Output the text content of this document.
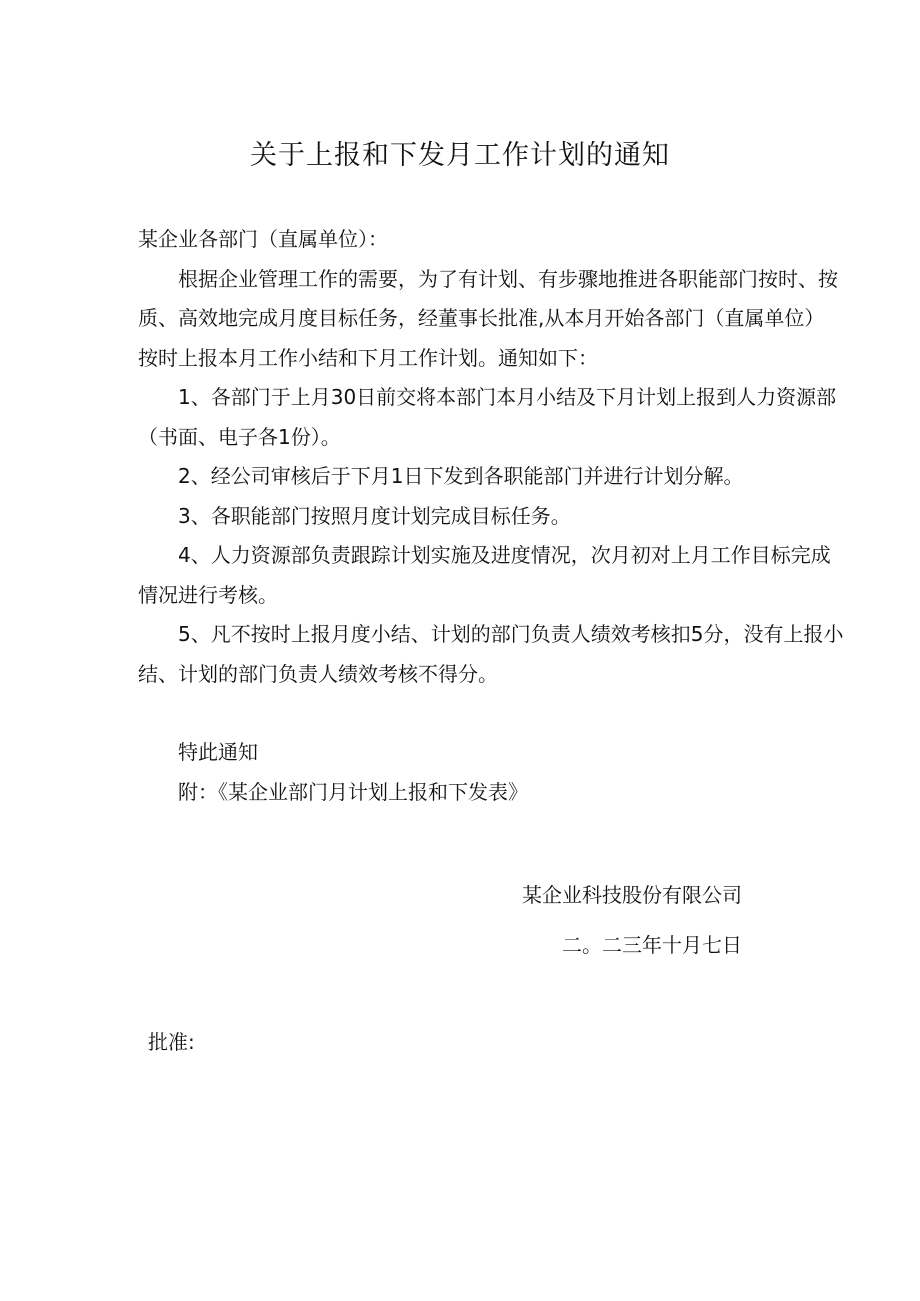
关于上报和下发月工作计划的通知

某企业各部门（直属单位）：

根据企业管理工作的需要，为了有计划、有步骤地推进各职能部门按时、按质、高效地完成月度目标任务，经董事长批准,从本月开始各部门（直属单位）按时上报本月工作小结和下月工作计划。通知如下：

1、各部门于上月30日前交将本部门本月小结及下月计划上报到人力资源部（书面、电子各1份）。

2、经公司审核后于下月1日下发到各职能部门并进行计划分解。

3、各职能部门按照月度计划完成目标任务。

4、人力资源部负责跟踪计划实施及进度情况，次月初对上月工作目标完成情况进行考核。

5、凡不按时上报月度小结、计划的部门负责人绩效考核扣5分，没有上报小结、计划的部门负责人绩效考核不得分。

特此通知

附：《某企业部门月计划上报和下发表》

某企业科技股份有限公司
二。二三年十月七日
批准:
